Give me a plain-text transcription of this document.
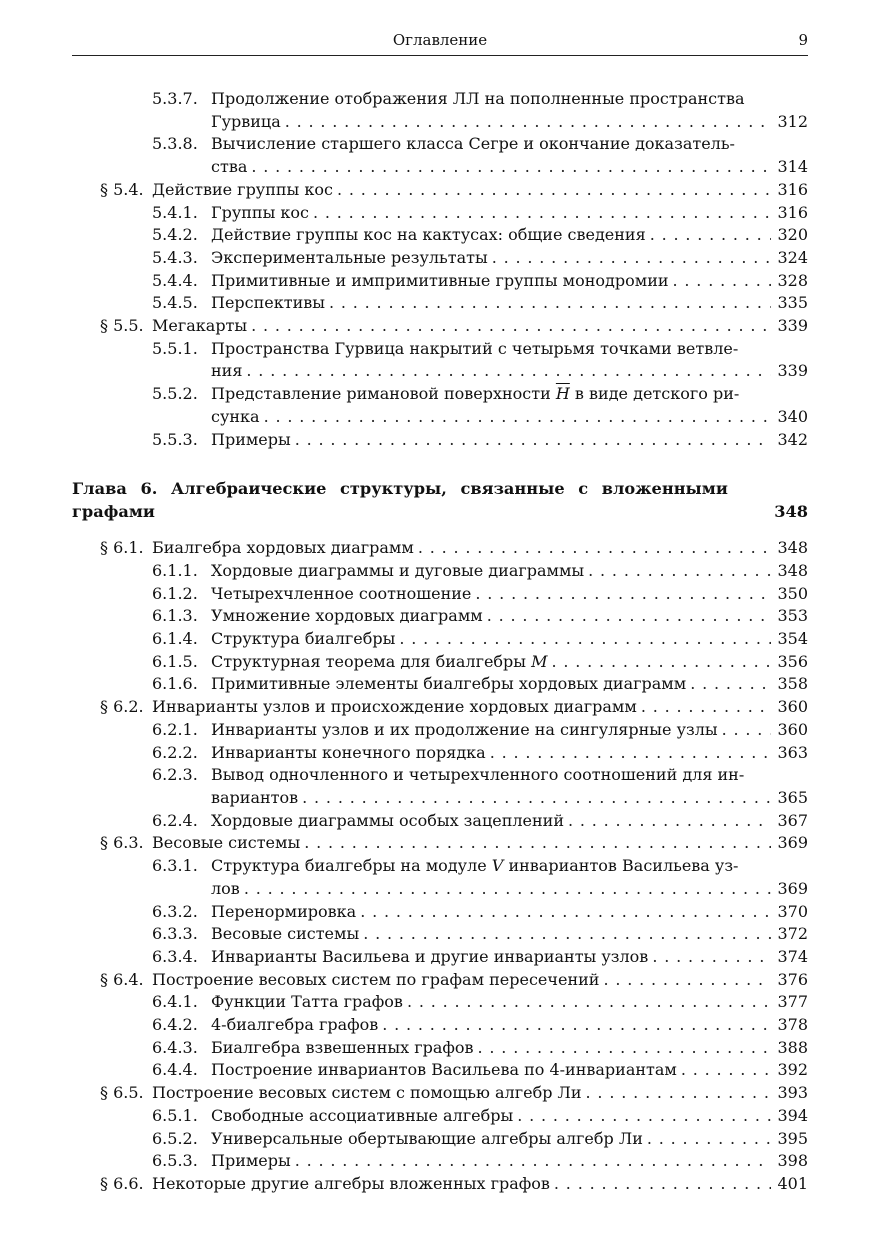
Оглавление	9
5.3.7. Продолжение отображения ЛЛ на пополненные пространства
Гурвица .....	312
5.3.8. Вычисление старшего класса Сегре и окончание доказатель-
ства .....	314
§ 5.4. Действие группы кос .....	316
5.4.1. Группы кос .....	316
5.4.2. Действие группы кос на кактусах: общие сведения .....	320
5.4.3. Экспериментальные результаты .....	324
5.4.4. Примитивные и импримитивные группы монодромии .....	328
5.4.5. Перспективы .....	335
§ 5.5. Мегакарты .....	339
5.5.1. Пространства Гурвица накрытий с четырьмя точками ветвле-
ния .....	339
5.5.2. Представление римановой поверхности $\overline{H}$ в виде детского ри-
сунка .....	340
5.5.3. Примеры .....	342
Глава 6. Алгебраические структуры, связанные с вложенными
графами	348
§ 6.1. Биалгебра хордовых диаграмм .....	348
6.1.1. Хордовые диаграммы и дуговые диаграммы .....	348
6.1.2. Четырехчленное соотношение .....	350
6.1.3. Умножение хордовых диаграмм .....	353
6.1.4. Структура биалгебры .....	354
6.1.5. Структурная теорема для биалгебры M .....	356
6.1.6. Примитивные элементы биалгебры хордовых диаграмм .....	358
§ 6.2. Инварианты узлов и происхождение хордовых диаграмм .....	360
6.2.1. Инварианты узлов и их продолжение на сингулярные узлы .....	360
6.2.2. Инварианты конечного порядка .....	363
6.2.3. Вывод одночленного и четырехчленного соотношений для ин-
вариантов .....	365
6.2.4. Хордовые диаграммы особых зацеплений .....	367
§ 6.3. Весовые системы .....	369
6.3.1. Структура биалгебры на модуле V инвариантов Васильева уз-
лов .....	369
6.3.2. Перенормировка .....	370
6.3.3. Весовые системы .....	372
6.3.4. Инварианты Васильева и другие инварианты узлов .....	374
§ 6.4. Построение весовых систем по графам пересечений .....	376
6.4.1. Функции Татта графов .....	377
6.4.2. 4-биалгебра графов .....	378
6.4.3. Биалгебра взвешенных графов .....	388
6.4.4. Построение инвариантов Васильева по 4-инвариантам .....	392
§ 6.5. Построение весовых систем с помощью алгебр Ли .....	393
6.5.1. Свободные ассоциативные алгебры .....	394
6.5.2. Универсальные обертывающие алгебры алгебр Ли .....	395
6.5.3. Примеры .....	398
§ 6.6. Некоторые другие алгебры вложенных графов .....	401
